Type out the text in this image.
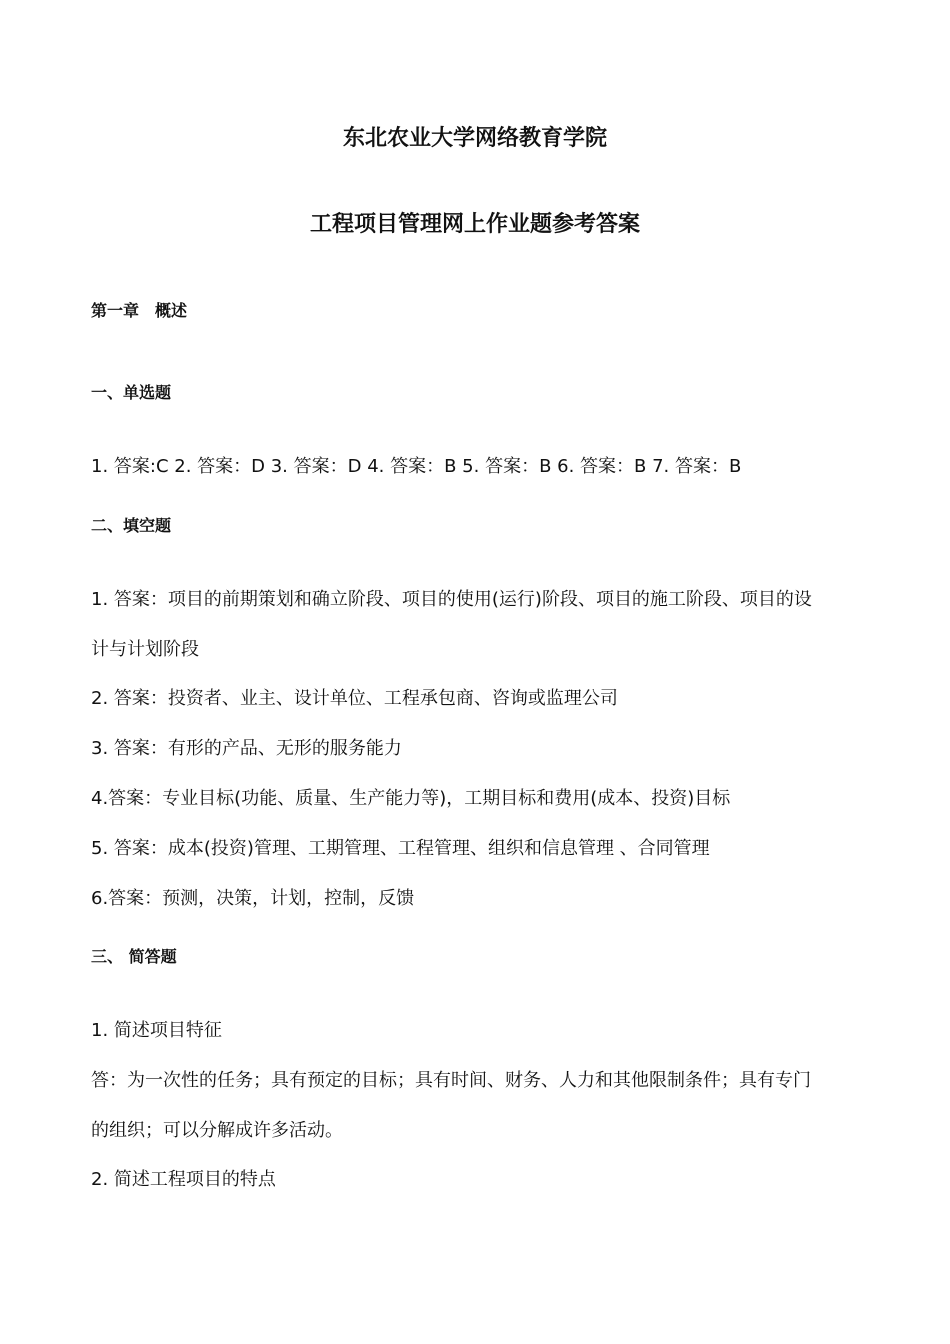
东北农业大学网络教育学院
工程项目管理网上作业题参考答案
第一章　概述
一、单选题
1. 答案:C 2. 答案：D 3. 答案：D 4. 答案：B 5. 答案：B 6. 答案：B 7. 答案：B
二、填空题
1. 答案：项目的前期策划和确立阶段、项目的使用(运行)阶段、项目的施工阶段、项目的设
计与计划阶段
2. 答案：投资者、业主、设计单位、工程承包商、咨询或监理公司
3. 答案：有形的产品、无形的服务能力
4.答案：专业目标(功能、质量、生产能力等)，工期目标和费用(成本、投资)目标
5. 答案：成本(投资)管理、工期管理、工程管理、组织和信息管理 、合同管理
6.答案：预测，决策，计划，控制，反馈
三、 简答题
1. 简述项目特征
答：为一次性的任务；具有预定的目标；具有时间、财务、人力和其他限制条件；具有专门
的组织；可以分解成许多活动。
2. 简述工程项目的特点
